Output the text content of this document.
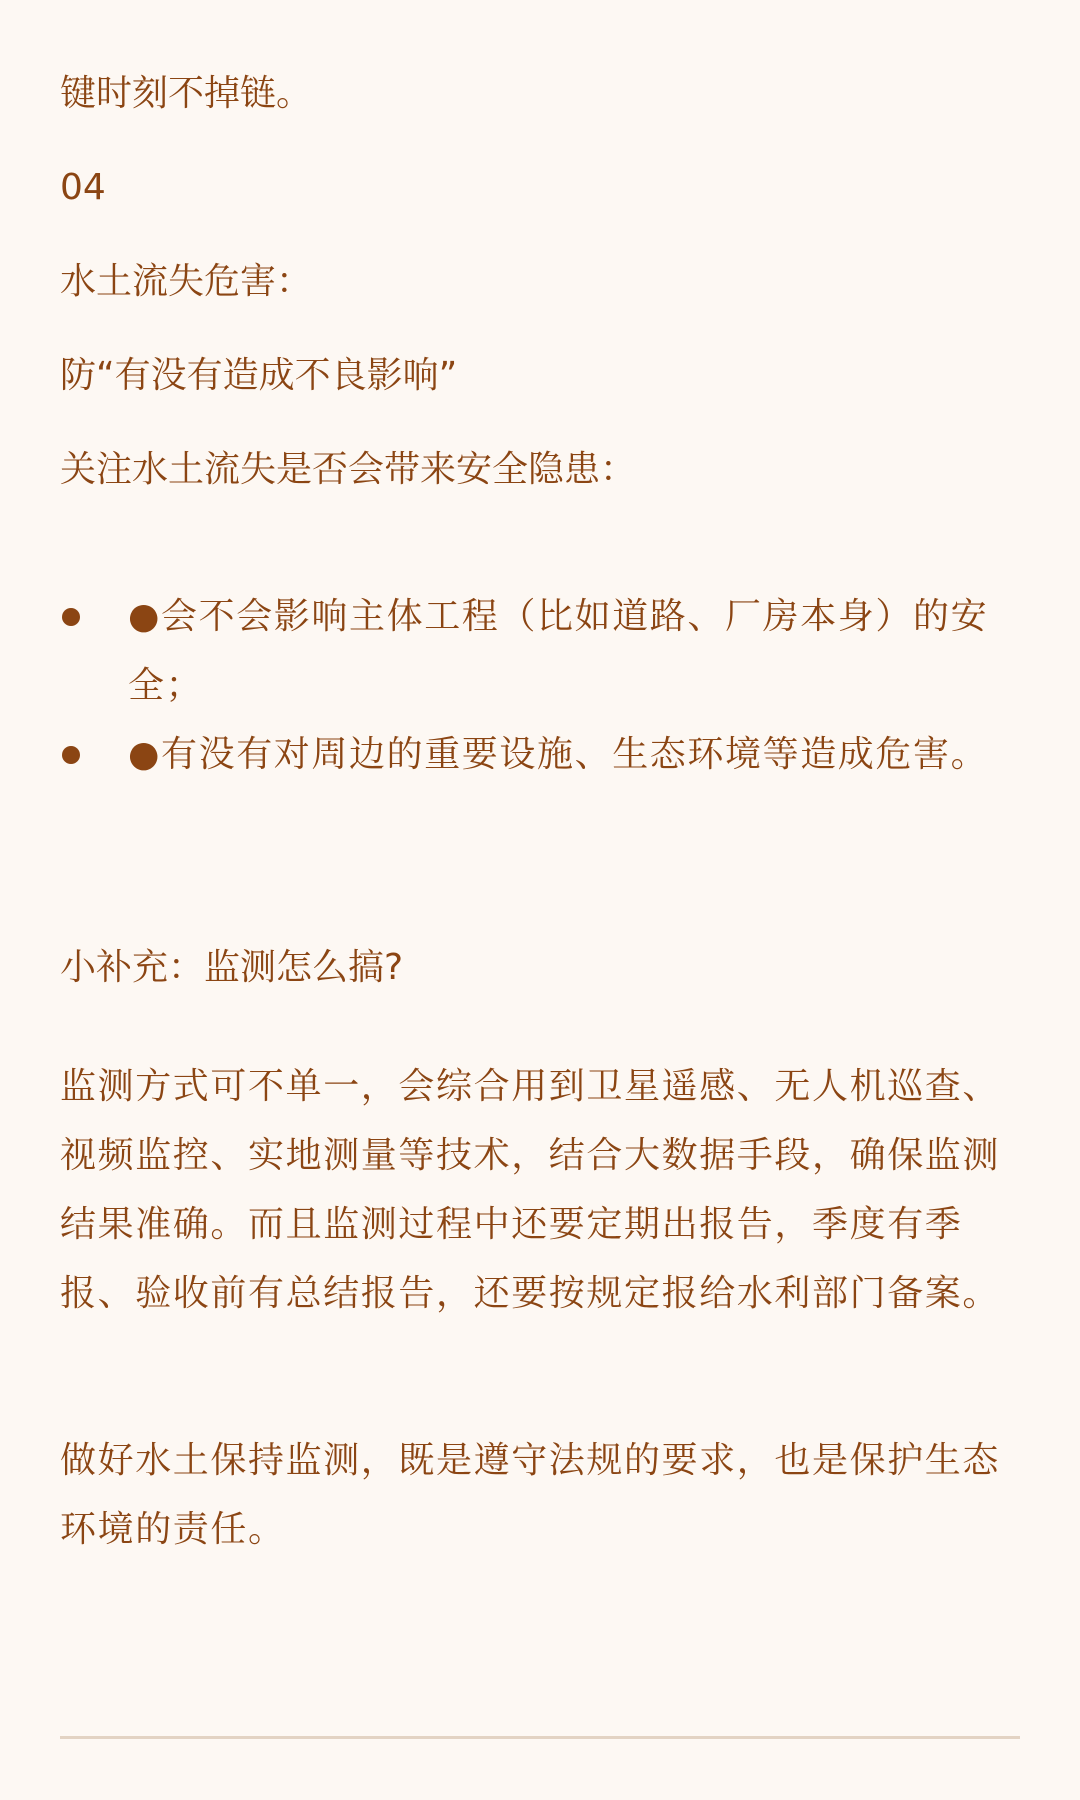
键时刻不掉链。

04

水土流失危害：

防“有没有造成不良影响”

关注水土流失是否会带来安全隐患：

●会不会影响主体工程（比如道路、厂房本身）的安全；
●有没有对周边的重要设施、生态环境等造成危害。

小补充：监测怎么搞?

监测方式可不单一，会综合用到卫星遥感、无人机巡查、视频监控、实地测量等技术，结合大数据手段，确保监测结果准确。而且监测过程中还要定期出报告，季度有季报、验收前有总结报告，还要按规定报给水利部门备案。

做好水土保持监测，既是遵守法规的要求，也是保护生态环境的责任。
